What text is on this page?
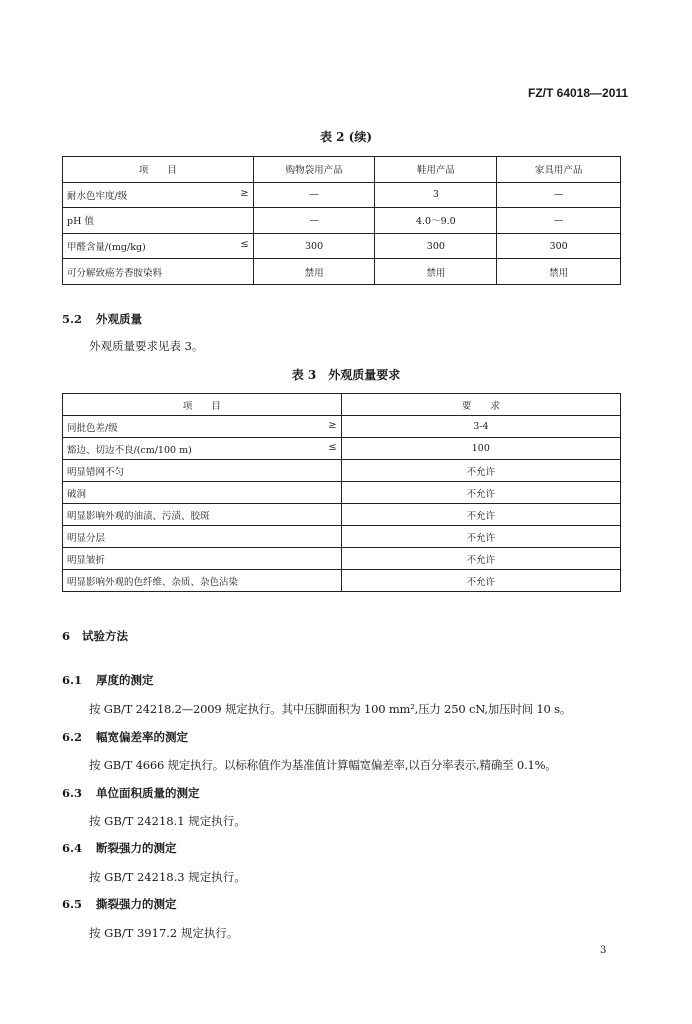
FZ/T 64018—2011
表 2 (续)
项　　目	购物袋用产品	鞋用产品	家具用产品
耐水色牢度/级 ≥	—	3	—
pH 值	—	4.0～9.0	—
甲醛含量/(mg/kg) ≤	300	300	300
可分解致癌芳香胺染料	禁用	禁用	禁用
5.2 外观质量
外观质量要求见表 3。
表 3　外观质量要求
项　　目	要　　求
同批色差/级 ≥	3-4
豁边、切边不良/(cm/100 m) ≤	100
明显错网不匀	不允许
破洞	不允许
明显影响外观的油渍、污渍、胶斑	不允许
明显分层	不允许
明显皱折	不允许
明显影响外观的色纤维、杂质、杂色沾染	不允许
6 试验方法
6.1 厚度的测定
按 GB/T 24218.2—2009 规定执行。其中压脚面积为 100 mm²,压力 250 cN,加压时间 10 s。
6.2 幅宽偏差率的测定
按 GB/T 4666 规定执行。以标称值作为基准值计算幅宽偏差率,以百分率表示,精确至 0.1%。
6.3 单位面积质量的测定
按 GB/T 24218.1 规定执行。
6.4 断裂强力的测定
按 GB/T 24218.3 规定执行。
6.5 撕裂强力的测定
按 GB/T 3917.2 规定执行。
3
